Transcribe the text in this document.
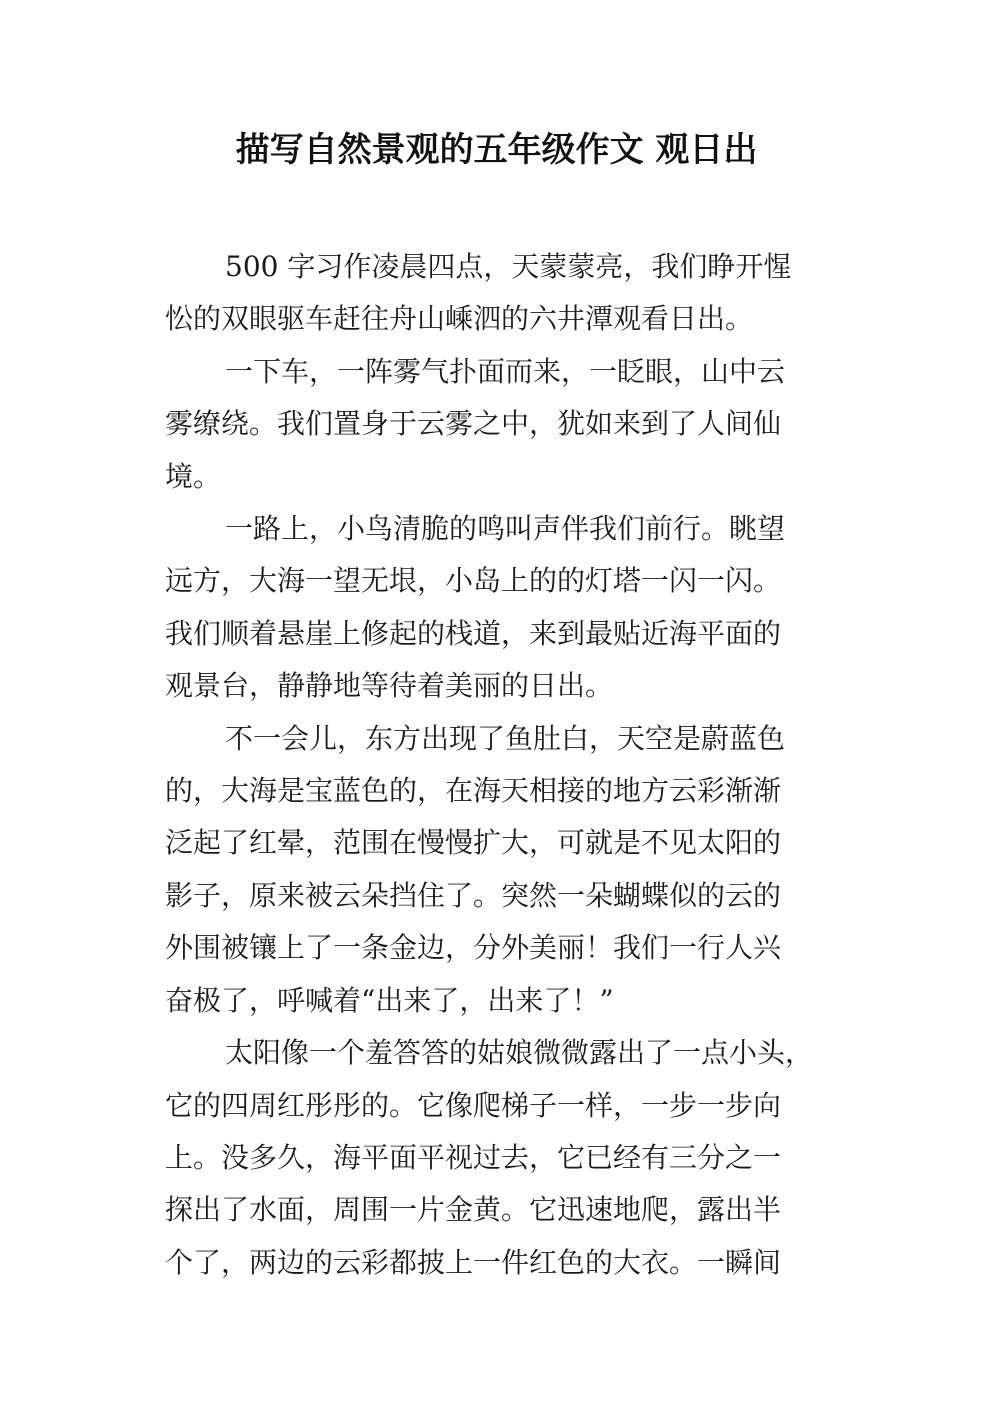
描写自然景观的五年级作文 观日出

500 字习作凌晨四点，天蒙蒙亮，我们睁开惺
忪的双眼驱车赶往舟山嵊泗的六井潭观看日出。

一下车，一阵雾气扑面而来，一眨眼，山中云
雾缭绕。我们置身于云雾之中，犹如来到了人间仙
境。

一路上，小鸟清脆的鸣叫声伴我们前行。眺望
远方，大海一望无垠，小岛上的的灯塔一闪一闪。
我们顺着悬崖上修起的栈道，来到最贴近海平面的
观景台，静静地等待着美丽的日出。

不一会儿，东方出现了鱼肚白，天空是蔚蓝色
的，大海是宝蓝色的，在海天相接的地方云彩渐渐
泛起了红晕，范围在慢慢扩大，可就是不见太阳的
影子，原来被云朵挡住了。突然一朵蝴蝶似的云的
外围被镶上了一条金边，分外美丽！我们一行人兴
奋极了，呼喊着“出来了，出来了！”

太阳像一个羞答答的姑娘微微露出了一点小头，
它的四周红彤彤的。它像爬梯子一样，一步一步向
上。没多久，海平面平视过去，它已经有三分之一
探出了水面，周围一片金黄。它迅速地爬，露出半
个了，两边的云彩都披上一件红色的大衣。一瞬间
